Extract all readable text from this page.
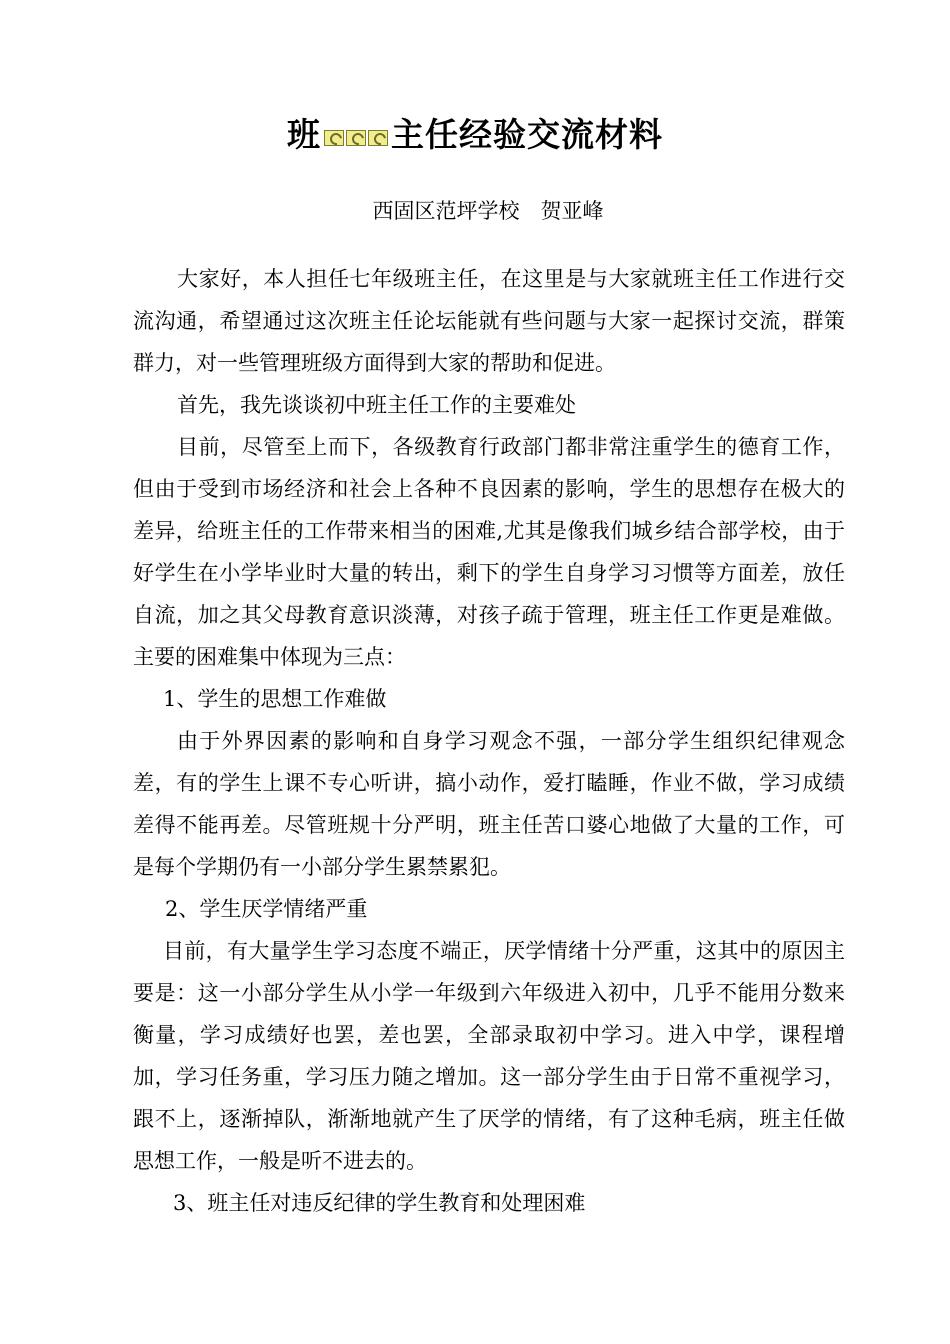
班 主任经验交流材料
西固区范坪学校　贺亚峰

大家好，本人担任七年级班主任，在这里是与大家就班主任工作进行交流沟通，希望通过这次班主任论坛能就有些问题与大家一起探讨交流，群策群力，对一些管理班级方面得到大家的帮助和促进。

首先，我先谈谈初中班主任工作的主要难处

目前，尽管至上而下，各级教育行政部门都非常注重学生的德育工作，但由于受到市场经济和社会上各种不良因素的影响，学生的思想存在极大的差异，给班主任的工作带来相当的困难,尤其是像我们城乡结合部学校，由于好学生在小学毕业时大量的转出，剩下的学生自身学习习惯等方面差，放任自流，加之其父母教育意识淡薄，对孩子疏于管理，班主任工作更是难做。主要的困难集中体现为三点：

1、学生的思想工作难做

由于外界因素的影响和自身学习观念不强，一部分学生组织纪律观念差，有的学生上课不专心听讲，搞小动作，爱打瞌睡，作业不做，学习成绩差得不能再差。尽管班规十分严明，班主任苦口婆心地做了大量的工作，可是每个学期仍有一小部分学生累禁累犯。

2、学生厌学情绪严重

目前，有大量学生学习态度不端正，厌学情绪十分严重，这其中的原因主要是：这一小部分学生从小学一年级到六年级进入初中，几乎不能用分数来衡量，学习成绩好也罢，差也罢，全部录取初中学习。进入中学，课程增加，学习任务重，学习压力随之增加。这一部分学生由于日常不重视学习，跟不上，逐渐掉队，渐渐地就产生了厌学的情绪，有了这种毛病，班主任做思想工作，一般是听不进去的。

3、班主任对违反纪律的学生教育和处理困难
